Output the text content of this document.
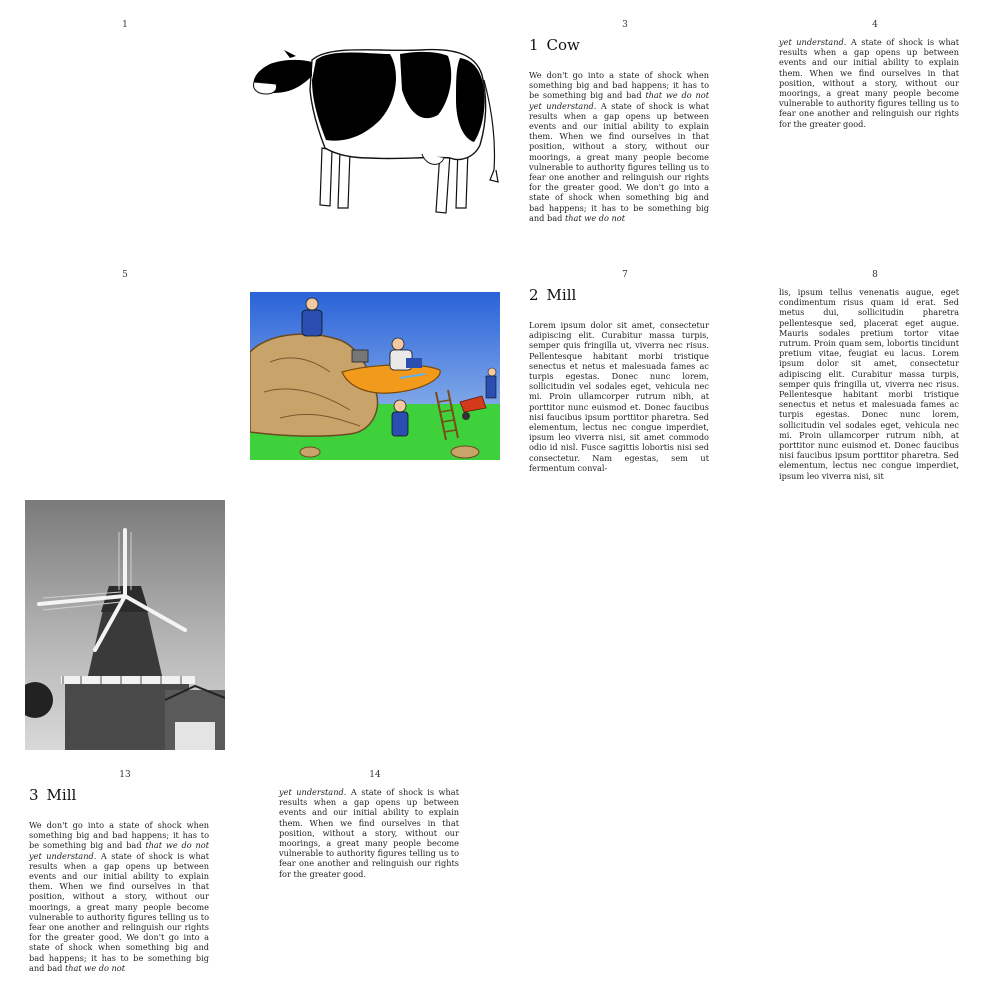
1	3
1 Cow
We don't go into a state of shock when something big and bad happens; it has to be something big and bad that we do not yet understand. A state of shock is what results when a gap opens up between events and our initial ability to explain them. When we find ourselves in that position, without a story, without our moorings, a great many people become vulnerable to authority figures telling us to fear one another and relinguish our rights for the greater good. We don't go into a state of shock when something big and bad happens; it has to be something big and bad that we do not
4
yet understand. A state of shock is what results when a gap opens up between events and our initial ability to explain them. When we find ourselves in that position, without a story, without our moorings, a great many people become vulnerable to authority figures telling us to fear one another and relinguish our rights for the greater good.
5	7
2 Mill
Lorem ipsum dolor sit amet, consectetur adipiscing elit. Curabitur massa turpis, semper quis fringilla ut, viverra nec risus. Pellentesque habitant morbi tristique senectus et netus et malesuada fames ac turpis egestas. Donec nunc lorem, sollicitudin vel sodales eget, vehicula nec mi. Proin ullamcorper rutrum nibh, at porttitor nunc euismod et. Donec faucibus nisi faucibus ipsum porttitor pharetra. Sed elementum, lectus nec congue imperdiet, ipsum leo viverra nisi, sit amet commodo odio id nisl. Fusce sagittis lobortis nisi sed consectetur. Nam egestas, sem ut fermentum conval-
8
lis, ipsum tellus venenatis augue, eget condimentum risus quam id erat. Sed metus dui, sollicitudin pharetra pellentesque sed, placerat eget augue. Mauris sodales pretium tortor vitae rutrum. Proin quam sem, lobortis tincidunt pretium vitae, feugiat eu lacus. Lorem ipsum dolor sit amet, consectetur adipiscing elit. Curabitur massa turpis, semper quis fringilla ut, viverra nec risus. Pellentesque habitant morbi tristique senectus et netus et malesuada fames ac turpis egestas. Donec nunc lorem, sollicitudin vel sodales eget, vehicula nec mi. Proin ullamcorper rutrum nibh, at porttitor nunc euismod et. Donec faucibus nisi faucibus ipsum porttitor pharetra. Sed elementum, lectus nec congue imperdiet, ipsum leo viverra nisi, sit
13
3 Mill
We don't go into a state of shock when something big and bad happens; it has to be something big and bad that we do not yet understand. A state of shock is what results when a gap opens up between events and our initial ability to explain them. When we find ourselves in that position, without a story, without our moorings, a great many people become vulnerable to authority figures telling us to fear one another and relinguish our rights for the greater good. We don't go into a state of shock when something big and bad happens; it has to be something big and bad that we do not
14
yet understand. A state of shock is what results when a gap opens up between events and our initial ability to explain them. When we find ourselves in that position, without a story, without our moorings, a great many people become vulnerable to authority figures telling us to fear one another and relinguish our rights for the greater good.
